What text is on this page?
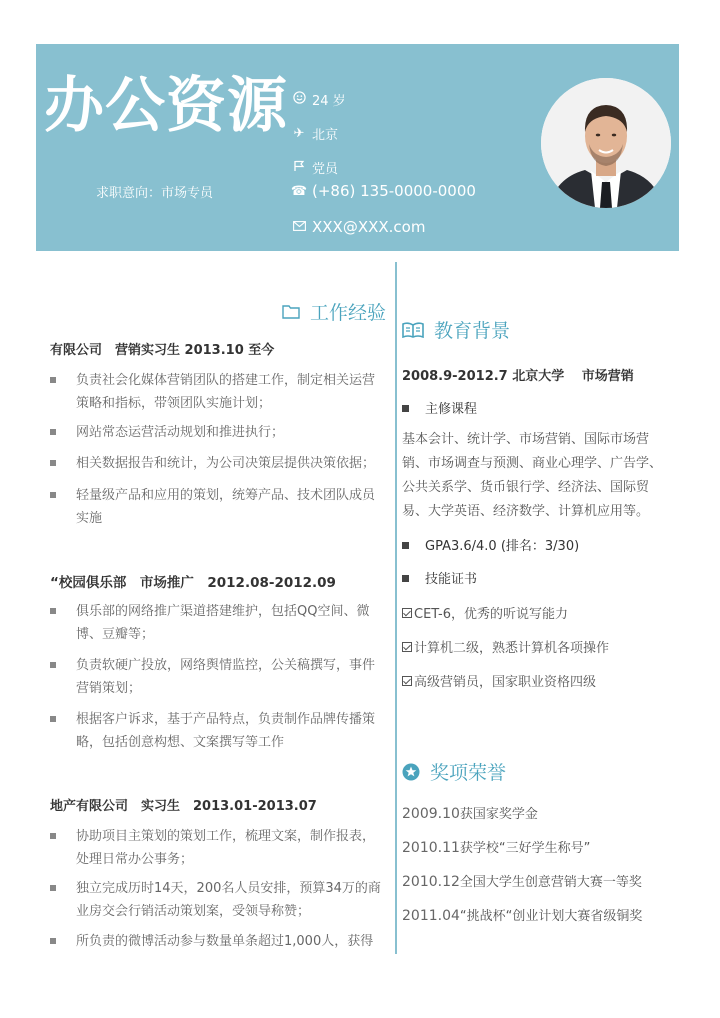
办公资源
求职意向：市场专员
24 岁
✈ 北京
党员
☎ (+86) 135-0000-0000
XXX@XXX.com
工作经验
有限公司　营销实习生 2013.10 至今
负责社会化媒体营销团队的搭建工作，制定相关运营策略和指标，带领团队实施计划；
网站常态运营活动规划和推进执行；
相关数据报告和统计，为公司决策层提供决策依据；
轻量级产品和应用的策划，统筹产品、技术团队成员实施
“校园俱乐部　市场推广　2012.08-2012.09
俱乐部的网络推广渠道搭建维护，包括QQ空间、微博、豆瓣等；
负责软硬广投放，网络舆情监控，公关稿撰写，事件营销策划；
根据客户诉求，基于产品特点，负责制作品牌传播策略，包括创意构想、文案撰写等工作
地产有限公司　实习生　2013.01-2013.07
协助项目主策划的策划工作，梳理文案，制作报表，处理日常办公事务；
独立完成历时14天，200名人员安排，预算34万的商业房交会行销活动策划案，受领导称赞；
所负责的微博活动参与数量单条超过1,000人，获得
教育背景
2008.9-2012.7 北京大学　 市场营销
主修课程
基本会计、统计学、市场营销、国际市场营销、市场调查与预测、商业心理学、广告学、公共关系学、货币银行学、经济法、国际贸易、大学英语、经济数学、计算机应用等。
GPA3.6/4.0 (排名：3/30)
技能证书
CET-6，优秀的听说写能力
计算机二级，熟悉计算机各项操作
高级营销员，国家职业资格四级
奖项荣誉
2009.10获国家奖学金
2010.11获学校“三好学生称号”
2010.12全国大学生创意营销大赛一等奖
2011.04“挑战杯“创业计划大赛省级铜奖
